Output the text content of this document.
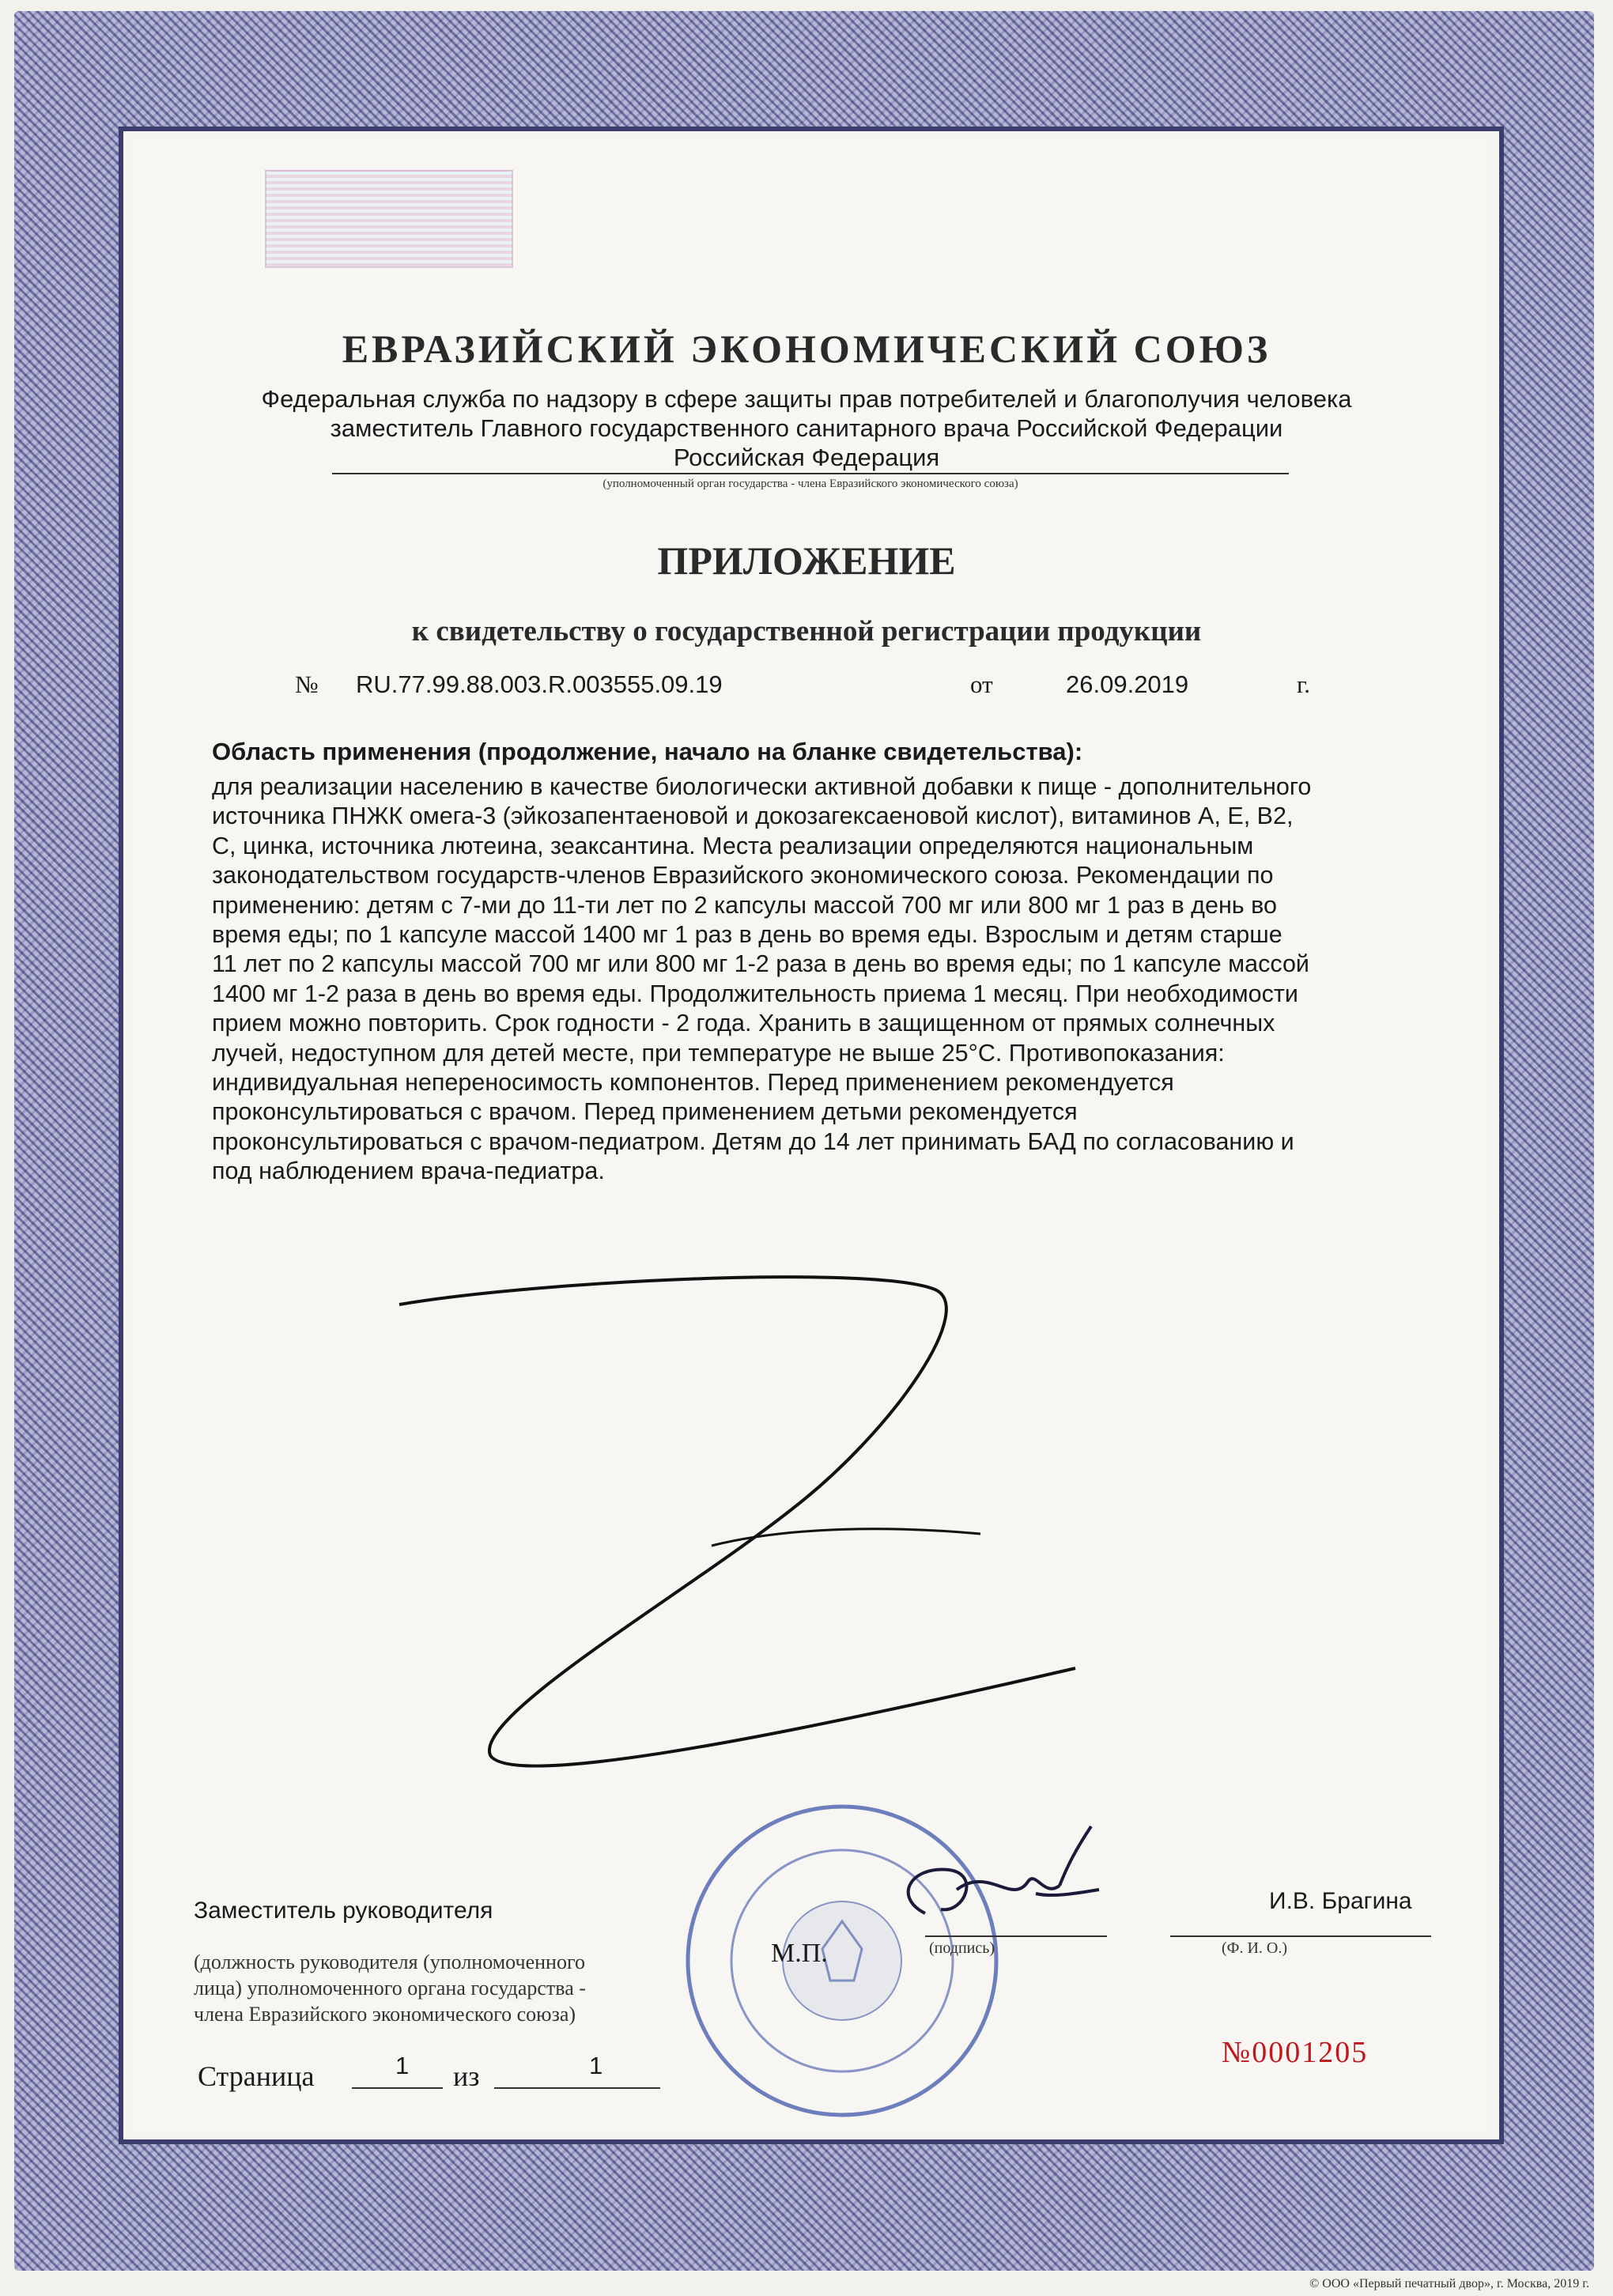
ЕВРАЗИЙСКИЙ ЭКОНОМИЧЕСКИЙ СОЮЗ
Федеральная служба по надзору в сфере защиты прав потребителей и благополучия человека
заместитель Главного государственного санитарного врача Российской Федерации
Российская Федерация
(уполномоченный орган государства - члена Евразийского экономического союза)
ПРИЛОЖЕНИЕ
к свидетельству о государственной регистрации продукции
№ RU.77.99.88.003.R.003555.09.19	от	26.09.2019	г.
Область применения (продолжение, начало на бланке свидетельства):
для реализации населению в качестве биологически активной добавки к пище - дополнительного
источника ПНЖК омега-3 (эйкозапентаеновой и докозагексаеновой кислот), витаминов А, Е, В2,
С, цинка, источника лютеина, зеаксантина. Места реализации определяются национальным
законодательством государств-членов Евразийского экономического союза. Рекомендации по
применению: детям с 7-ми до 11-ти лет по 2 капсулы массой 700 мг или 800 мг 1 раз в день во
время еды; по 1 капсуле массой 1400 мг 1 раз в день во время еды. Взрослым и детям старше
11 лет по 2 капсулы массой 700 мг или 800 мг 1-2 раза в день во время еды; по 1 капсуле массой
1400 мг 1-2 раза в день во время еды. Продолжительность приема 1 месяц. При необходимости
прием можно повторить. Срок годности - 2 года. Хранить в защищенном от прямых солнечных
лучей, недоступном для детей месте, при температуре не выше 25°С. Противопоказания:
индивидуальная непереносимость компонентов. Перед применением рекомендуется
проконсультироваться с врачом. Перед применением детьми рекомендуется
проконсультироваться с врачом-педиатром. Детям до 14 лет принимать БАД по согласованию и
под наблюдением врача-педиатра.
Заместитель руководителя	И.В. Брагина
М.П.	(подпись)	(Ф. И. О.)
(должность руководителя (уполномоченного
лица) уполномоченного органа государства -
члена Евразийского экономического союза)
Страница	1 из	1	№0001205
© ООО «Первый печатный двор», г. Москва, 2019 г.
